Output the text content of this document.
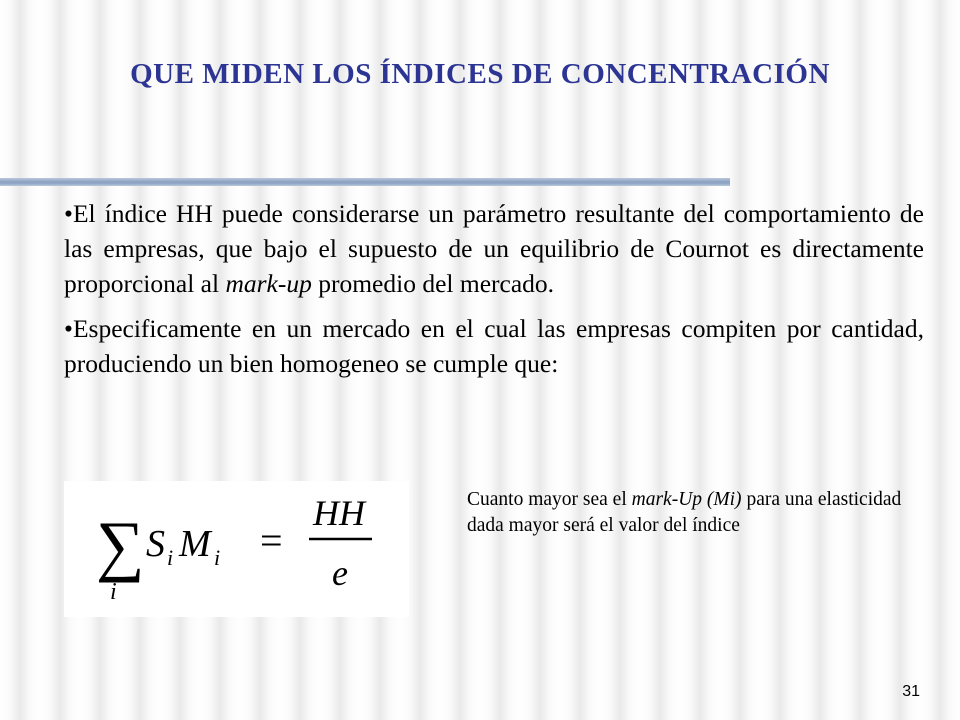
QUE MIDEN LOS ÍNDICES DE CONCENTRACIÓN

•El índice HH puede considerarse un parámetro resultante del comportamiento de las empresas, que bajo el supuesto de un equilibrio de Cournot es directamente proporcional al mark-up promedio del mercado.

•Especificamente en un mercado en el cual las empresas compiten por cantidad, produciendo un bien homogeneo se cumple que:

∑
i
S i M i =
HH
e
Cuanto mayor sea el mark-Up (Mi) para una elasticidad dada mayor será el valor del índice
31
